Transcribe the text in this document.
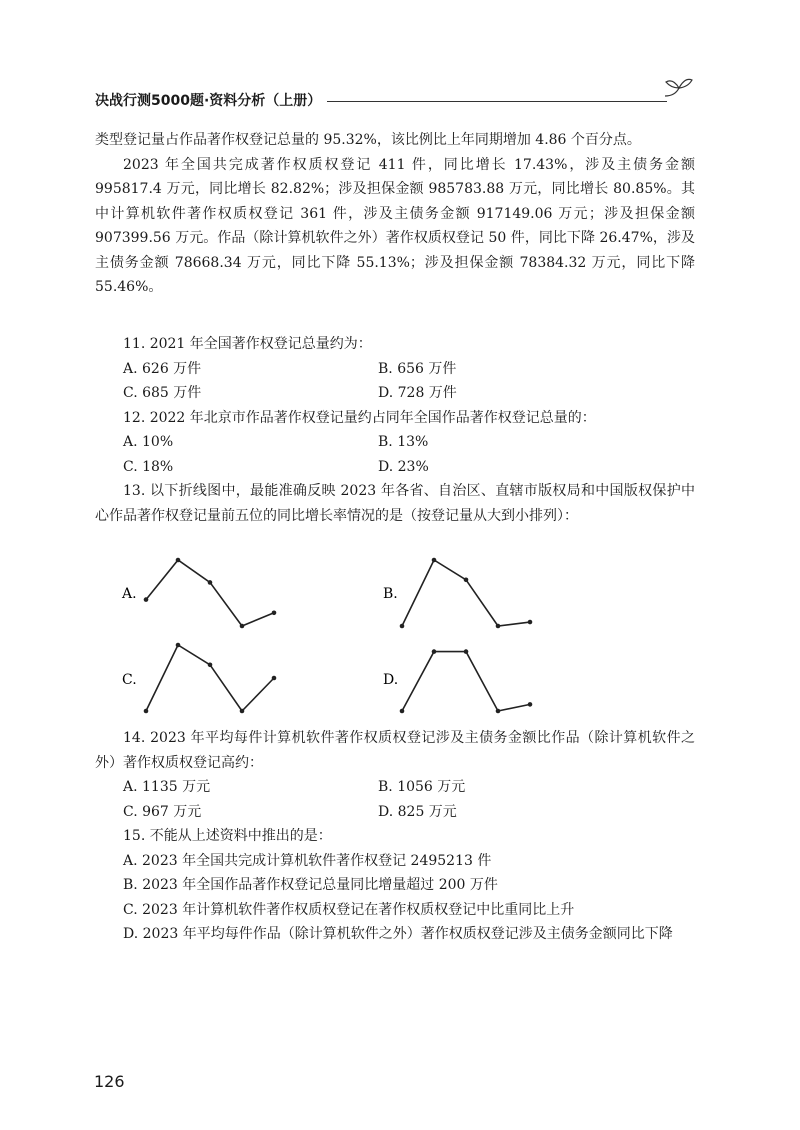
决战行测5000题·资料分析（上册）

类型登记量占作品著作权登记总量的 95.32%，该比例比上年同期增加 4.86 个百分点。

2023 年全国共完成著作权质权登记 411 件，同比增长 17.43%，涉及主债务金额 995817.4 万元，同比增长 82.82%；涉及担保金额 985783.88 万元，同比增长 80.85%。其中计算机软件著作权质权登记 361 件，涉及主债务金额 917149.06 万元；涉及担保金额 907399.56 万元。作品（除计算机软件之外）著作权质权登记 50 件，同比下降 26.47%，涉及主债务金额 78668.34 万元，同比下降 55.13%；涉及担保金额 78384.32 万元，同比下降 55.46%。

11. 2021 年全国著作权登记总量约为：

A. 626 万件	B. 656 万件
C. 685 万件	D. 728 万件

12. 2022 年北京市作品著作权登记量约占同年全国作品著作权登记总量的：

A. 10%	B. 13%
C. 18%	D. 23%

13. 以下折线图中，最能准确反映 2023 年各省、自治区、直辖市版权局和中国版权保护中心作品著作权登记量前五位的同比增长率情况的是（按登记量从大到小排列）：

A.	B.
C.	D.

14. 2023 年平均每件计算机软件著作权质权登记涉及主债务金额比作品（除计算机软件之外）著作权质权登记高约：

A. 1135 万元	B. 1056 万元
C. 967 万元	D. 825 万元

15. 不能从上述资料中推出的是：

A. 2023 年全国共完成计算机软件著作权登记 2495213 件

B. 2023 年全国作品著作权登记总量同比增量超过 200 万件

C. 2023 年计算机软件著作权质权登记在著作权质权登记中比重同比上升

D. 2023 年平均每件作品（除计算机软件之外）著作权质权登记涉及主债务金额同比下降

126
